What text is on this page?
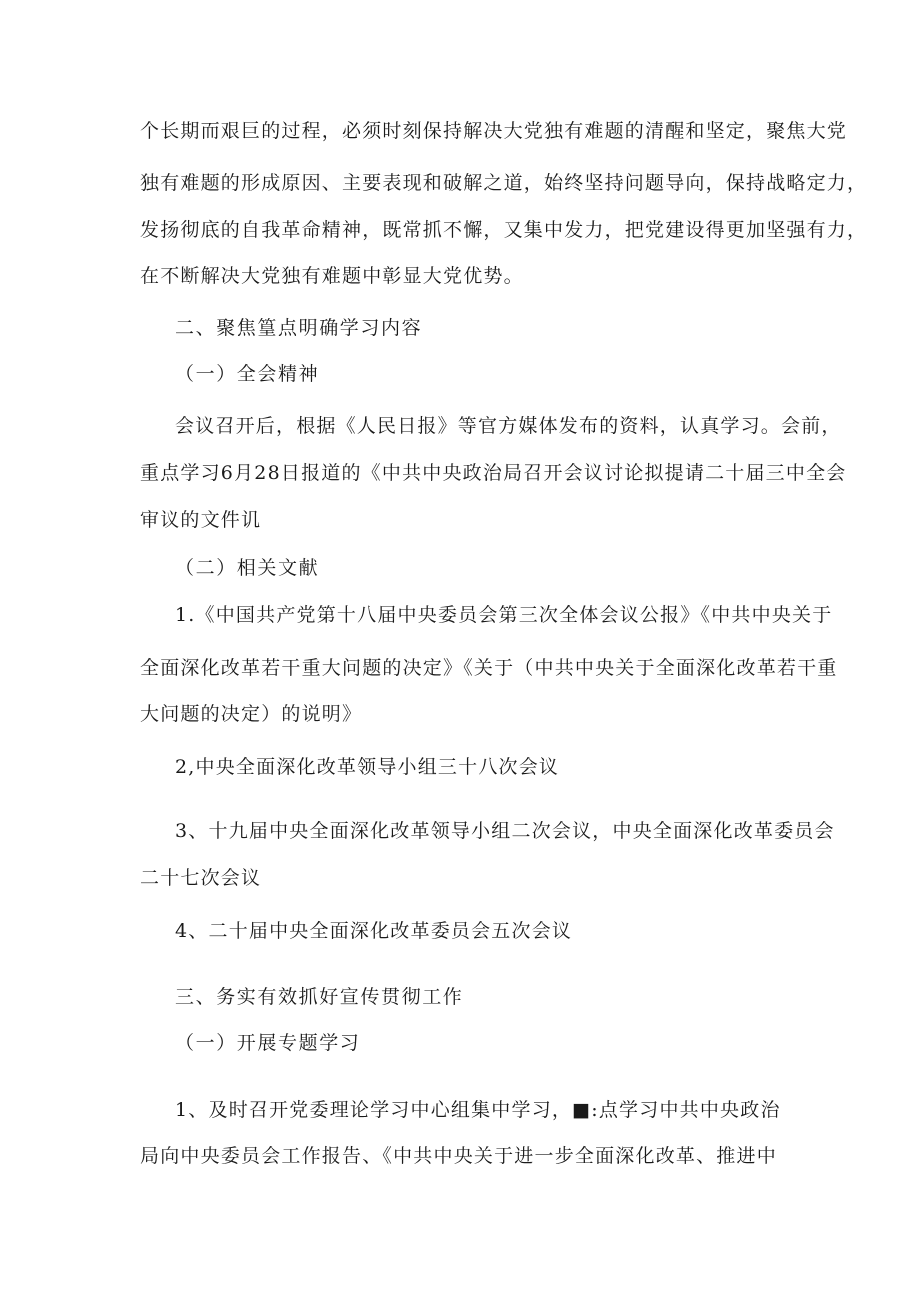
个长期而艰巨的过程，必须时刻保持解决大党独有难题的清醒和坚定，聚焦大党

独有难题的形成原因、主要表现和破解之道，始终坚持问题导向，保持战略定力，

发扬彻底的自我革命精神，既常抓不懈，又集中发力，把党建设得更加坚强有力，

在不断解决大党独有难题中彰显大党优势。

二、聚焦篁点明确学习内容

（一）全会精神

会议召开后，根据《人民日报》等官方媒体发布的资料，认真学习。会前，

重点学习6月28日报道的《中共中央政治局召开会议讨论拟提请二十届三中全会

审议的文件讥

（二）相关文献

1.《中国共产党第十八届中央委员会第三次全体会议公报》《中共中央关于

全面深化改革若干重大问题的决定》《关于（中共中央关于全面深化改革若干重

大问题的决定）的说明》

2,中央全面深化改革领导小组三十八次会议

3、十九届中央全面深化改革领导小组二次会议，中央全面深化改革委员会

二十七次会议

4、二十届中央全面深化改革委员会五次会议

三、务实有效抓好宣传贯彻工作

（一）开展专题学习

1、及时召开党委理论学习中心组集中学习，■:点学习中共中央政治

局向中央委员会工作报告、《中共中央关于进一步全面深化改革、推进中
